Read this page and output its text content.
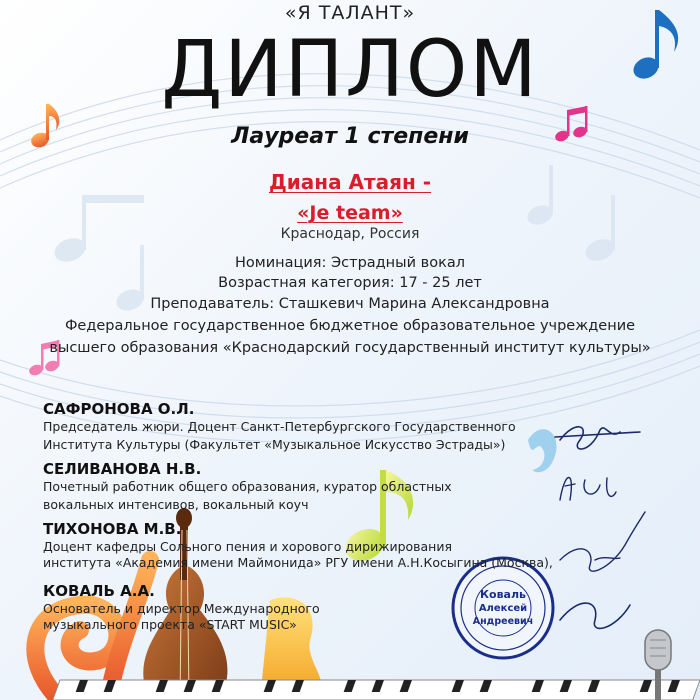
«Я ТАЛАНТ»
ДИПЛОМ
Лауреат 1 степени
Диана Атаян -
«Je team»
Краснодар, Россия
Номинация: Эстрадный вокал
Возрастная категория: 17 - 25 лет
Преподаватель: Сташкевич Марина Александровна
Федеральное государственное бюджетное образовательное учреждение
высшего образования «Краснодарский государственный институт культуры»
САФРОНОВА О.Л.
Председатель жюри. Доцент Санкт-Петербургского Государственного
Института Культуры (Факультет «Музыкальное Искусство Эстрады»)
СЕЛИВАНОВА Н.В.
Почетный работник общего образования, куратор областных
вокальных интенсивов, вокальный коуч
ТИХОНОВА М.В.
Доцент кафедры Сольного пения и хорового дирижирования
института «Академия имени Маймонида» РГУ имени А.Н.Косыгина (Москва),
КОВАЛЬ А.А.
Основатель и директор Международного
музыкального проекта «START MUSIC»
Коваль
Алексей
Андреевич
